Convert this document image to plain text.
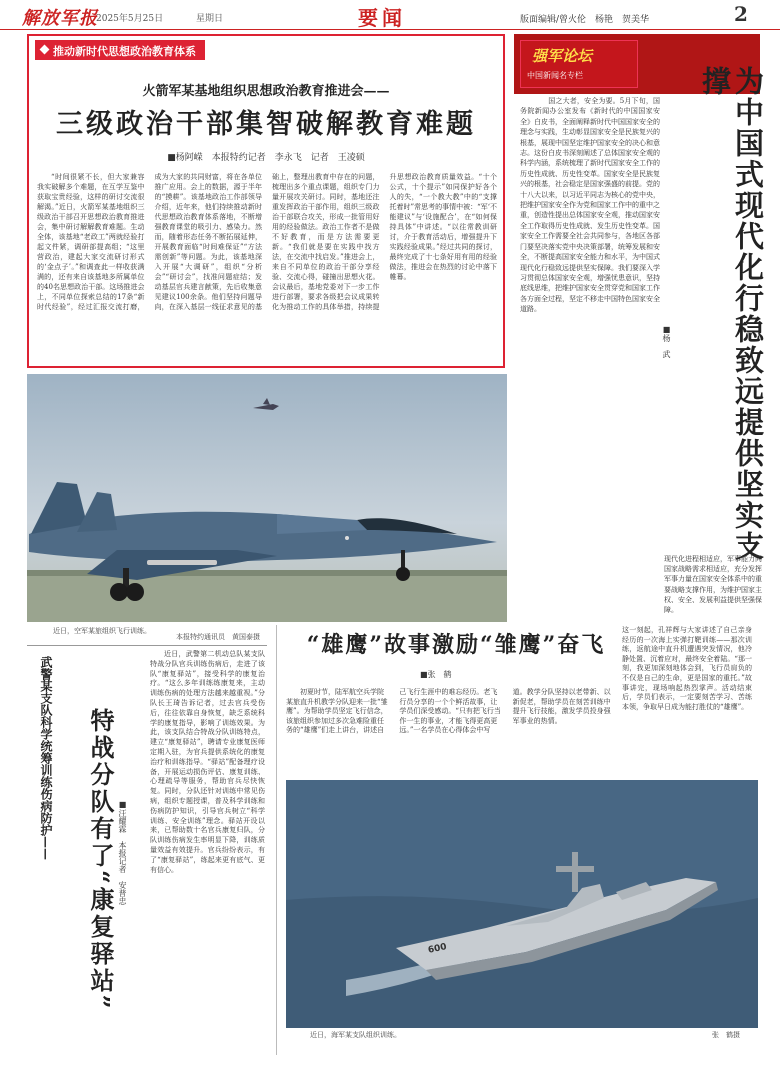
解放军报
2025年5月25日	星期日	要闻	版面编辑/曾火伦　杨艳　贺美华	2
推动新时代思想政治教育体系落地
火箭军某基地组织思想政治教育推进会——
三级政治干部集智破解教育难题
■杨阿嵘　本报特约记者　李永飞　记者　王凌硕
“时间很紧不长，但大家兼容我实破解多个难题，在互学互鉴中获取宝贵经验，这样的研讨交流很解渴。”近日，火箭军某基地组织三级政治干部召开思想政治教育推进会，集中研讨解解教育难题。生动全体，该基地“老政工”两就经验打起文件紧，调研部提高组；“这里营政治，建起大家交流研讨形式的‘金点子’。”和调查此一样收获满满的，还有来自该基地多所属单位的40名思想政治干部。这场推进会上，不同单位探索总结的17条“新时代经验”，经过汇报交流打磨，成为大家的共同财富，将在各单位推广应用。会上的数据，源于半年的“摸耕”。该基地政治工作部领导介绍，近年来，他们持续推动新时代思想政治教育体系落地，不断增强教育课堂的吸引力、感染力。然而，随着形态任务不断拓展延伸，开展教育面临“时间难保证”“方法需创新”等问题。为此，该基地深入开展“大调研”，组织“分析会”“研讨会”，找准问题症结；发动基层官兵建言献策，先后收集意见建议100余条。他们坚持问题导向，在深入基层一线征求意见的基础上，整理出教育中存在的问题，梳理出多个重点课题，组织专门力量开展攻关研讨。同时，基地还注重发挥政治干部作用，组织三级政治干部联合攻关，形成一批管用好用的经验做法。政治工作者不是做不好教育，而是方法需要更新。“我们就是要在实践中找方法，在交流中找启发。”推进会上，来自不同单位的政治干部分享经验、交流心得，碰撞出思想火花。会议最后，基地党委对下一步工作进行部署，要求各级把会议成果转化为推动工作的具体举措，持续提升思想政治教育质量效益。“十个公式，十个提示”如同保护好各个人的失，“一个教大教”中的“支撑托着时”常思考的事情中被：“军‘不能建议”与‘设施配合’，在“如何保持具体”中讲述。“以往常教训研讨，介于教育活动后，增强提升下实践经验成果。”经过共同的探讨，最终完成了十七条好用有用的经验做法，推进会在热烈的讨论中落下帷幕。
　　近日，空军某旅组织飞行训练。
本报特约通讯员　黄国泰摄
强军论坛
中国新闻名专栏	为中国式现代化行稳致远提供坚实支撑
■杨　武
　　国之大者，安全为要。5月下旬，国务院新闻办公室发布《新时代的中国国家安全》白皮书，全面阐释新时代中国国家安全的理念与实践，生动彰显国家安全是民族复兴的根基，展现中国坚定维护国家安全的决心和意志。这份白皮书深刻阐述了总体国家安全观的科学内涵，系统梳理了新时代国家安全工作的历史性成就、历史性变革。国家安全是民族复兴的根基，社会稳定是国家强盛的前提。党的十八大以来，以习近平同志为核心的党中央，把维护国家安全作为党和国家工作中的重中之重，创造性提出总体国家安全观，推动国家安全工作取得历史性成就、发生历史性变革。国家安全工作需要全社会共同参与，各地区各部门要坚决落实党中央决策部署，统筹发展和安全，不断提高国家安全能力和水平，为中国式现代化行稳致远提供坚实保障。我们要深入学习贯彻总体国家安全观，增强忧患意识，坚持底线思维，把维护国家安全贯穿党和国家工作各方面全过程，坚定不移走中国特色国家安全道路。
现代化进程相适应，军事能力同国家战略需求相适应，充分发挥军事力量在国家安全体系中的重要战略支撑作用，为维护国家主权、安全、发展利益提供坚强保障。
武警某支队科学统筹训练伤病防护——	特战分队有了“康复驿站” ■汪耀霖　本报记者　安普忠
近日，武警第二机动总队某支队特战分队官兵训练伤病后，走进了该队“康复驿站”，接受科学的康复治疗。“这么多年训练练康复来，主动训练伤病的处理方法越来越重视。”分队长王琦告诉记者，过去官兵受伤后，往往依靠自身恢复，缺乏系统科学的康复指导，影响了训练效果。为此，该支队结合特战分队训练特点，建立“康复驿站”，聘请专业康复医师定期入驻，为官兵提供系统化的康复治疗和训练指导。“驿站”配备理疗设备，开展运动损伤评估、康复训练、心理疏导等服务，帮助官兵尽快恢复。同时，分队还针对训练中常见伤病，组织专题授课，普及科学训练和伤病防护知识，引导官兵树立“科学训练、安全训练”理念。驿站开设以来，已帮助数十名官兵康复归队，分队训练伤病发生率明显下降，训练质量效益有效提升。官兵纷纷表示，有了“康复驿站”，练起来更有底气、更有信心。
“雄鹰”故事激励“雏鹰”奋飞
■张　鹤
初夏时节，陆军航空兵学院某旅直升机教学分队迎来一批“雏鹰”。为帮助学员坚定飞行信念，该旅组织参加过多次急难险重任务的“雄鹰”们走上讲台，讲述自己飞行生涯中的难忘经历。老飞行员分享的一个个鲜活故事，让学员们深受感动。“只有把飞行当作一生的事业，才能飞得更高更远。”一名学员在心得体会中写道。教学分队坚持以老带新、以新促老，帮助学员在刻苦训练中提升飞行技能，激发学员投身强军事业的热情。
这一刻起，孔祥辉与大家讲述了自己亲身经历的一次海上实弹打靶训练——那次训练，返航途中直升机遭遇突发情况，他冷静处置、沉着应对，最终安全着陆。“那一刻，我更加深刻地体会到，飞行员肩负的不仅是自己的生命，更是国家的重托。”故事讲完，现场响起热烈掌声。活动结束后，学员们表示，一定要刻苦学习、苦练本领，争取早日成为能打胜仗的“雄鹰”。
600
　　近日，海军某支队组织训练。	张　鹤摄
